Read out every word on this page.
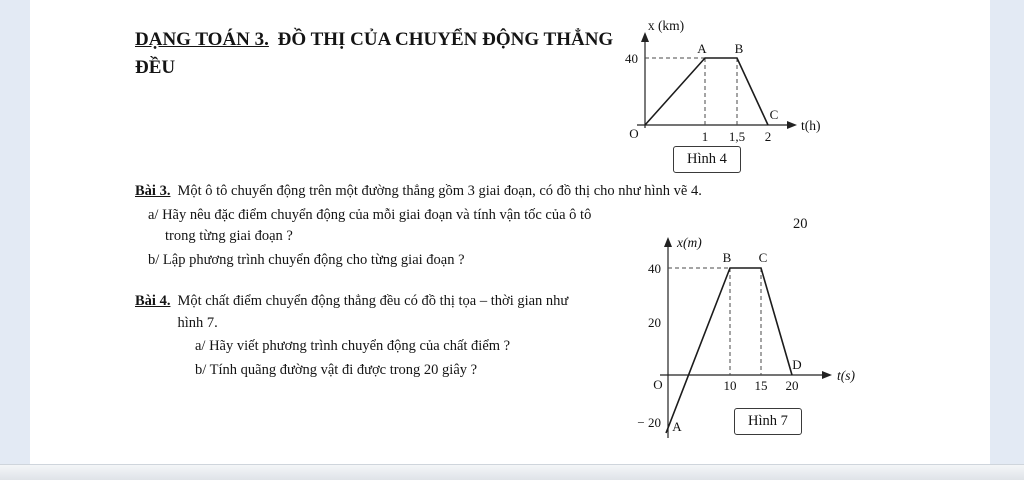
DẠNG TOÁN 3. ĐỒ THỊ CỦA CHUYỂN ĐỘNG THẲNG ĐỀU
x (km)
t(h)
40
O	1 1,5 2
A B
C
Hình 4
Bài 3. Một ô tô chuyển động trên một đường thẳng gồm 3 giai đoạn, có đồ thị cho như hình vẽ 4.
a/ Hãy nêu đặc điểm chuyển động của mỗi giai đoạn và tính vận tốc của ô tô trong từng giai đoạn ?
b/ Lập phương trình chuyển động cho từng giai đoạn ?
Bài 4. Một chất điểm chuyển động thẳng đều có đồ thị tọa – thời gian như hình 7.
a/ Hãy viết phương trình chuyển động của chất điểm ?
b/ Tính quãng đường vật đi được trong 20 giây ?
20
x(m)
t(s)
40
20
− 20
O	10 15 20
A
B C
D
Hình 7
